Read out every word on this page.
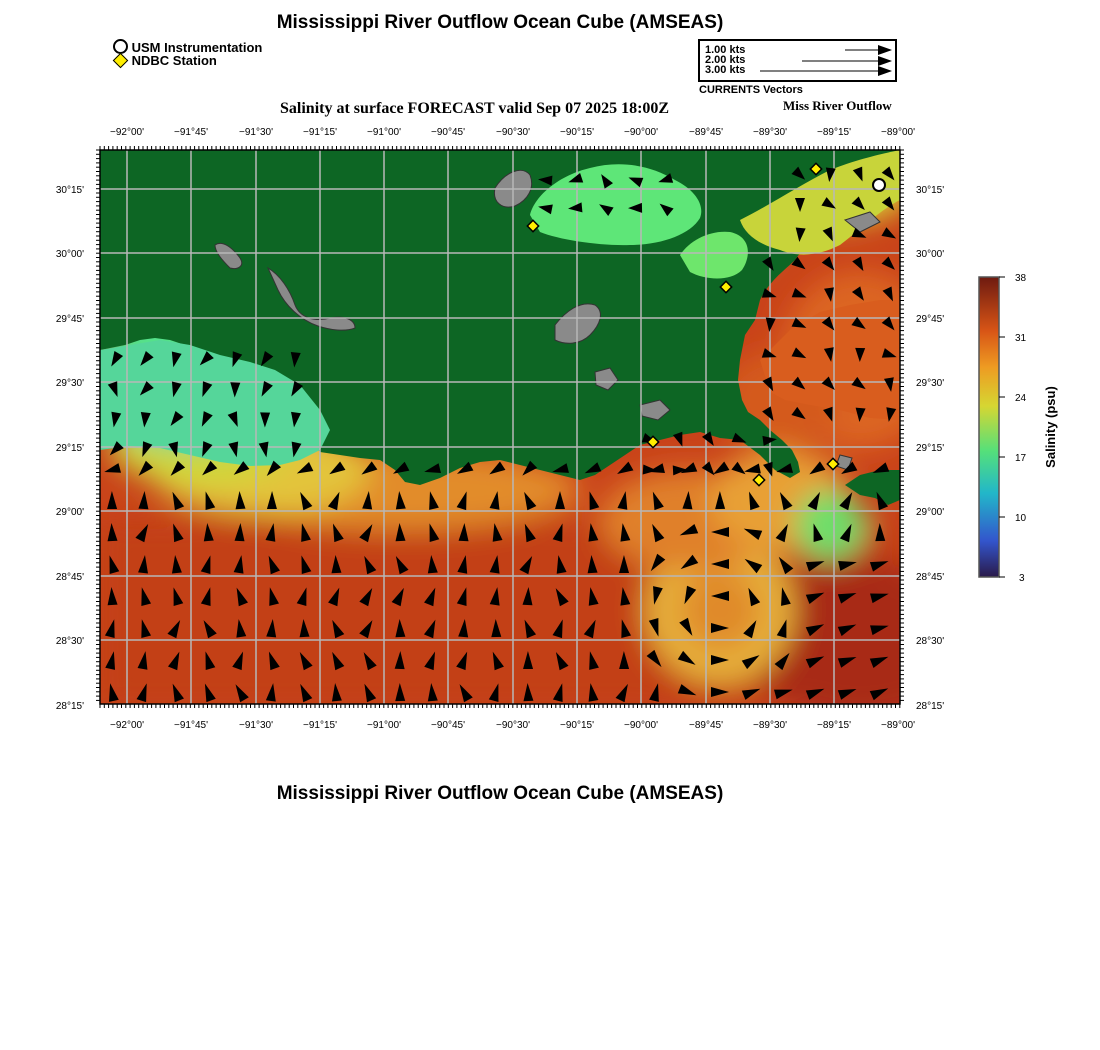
Mississippi River Outflow Ocean Cube (AMSEAS)
USM Instrumentation
NDBC Station
1.00 kts
2.00 kts
3.00 kts
CURRENTS Vectors
Salinity at surface FORECAST valid Sep 07 2025 18:00Z	Miss River Outflow
−92°00'	−91°45'	−91°30'	−91°15'	−91°00'	−90°45'	−90°30'	−90°15'	−90°00'	−89°45'	−89°30'	−89°15'	−89°00'
−92°00'	−91°45'	−91°30'	−91°15'	−91°00'	−90°45'	−90°30'	−90°15'	−90°00'	−89°45'	−89°30'	−89°15'	−89°00'
30°15'
30°00'
29°45'
29°30'
29°15'
29°00'
28°45'
28°30'
28°15'
30°15'
30°00'
29°45'
29°30'
29°15'
29°00'
28°45'
28°30'
28°15'
38
31
24
17
10
3
Salinity (psu)
Mississippi River Outflow Ocean Cube (AMSEAS)
